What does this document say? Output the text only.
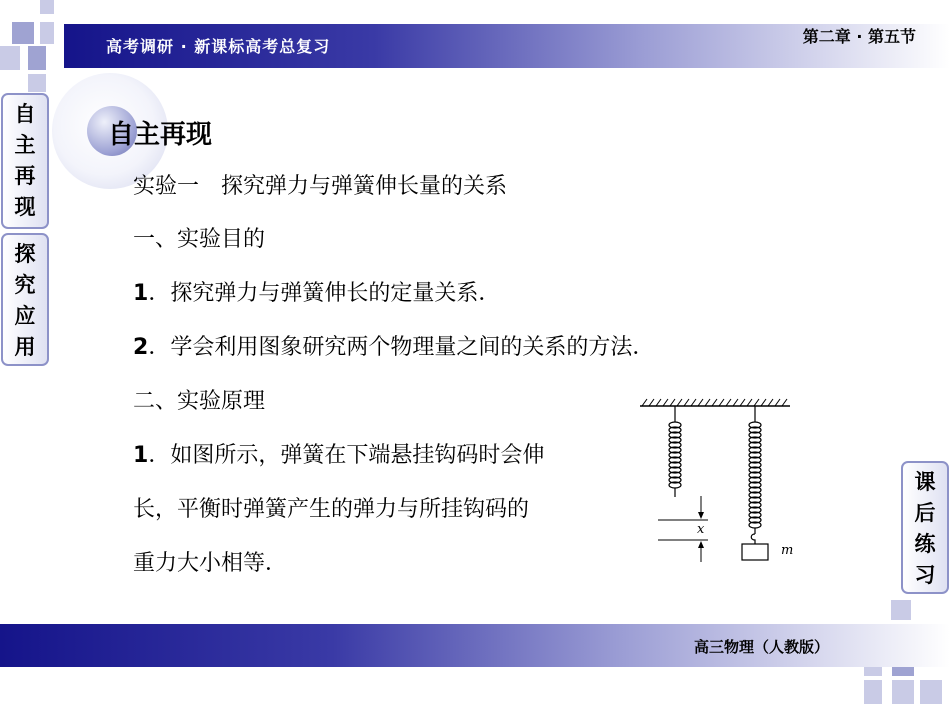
高考调研 · 新课标高考总复习
第二章 · 第五节
自
主
再
现
探
究
应
用
课
后
练
习
自主再现
实验一　探究弹力与弹簧伸长量的关系
一、实验目的
1．探究弹力与弹簧伸长的定量关系．
2．学会利用图象研究两个物理量之间的关系的方法．
二、实验原理
1．如图所示，弹簧在下端悬挂钩码时会伸
长，平衡时弹簧产生的弹力与所挂钩码的
重力大小相等．
m
x
高三物理（人教版）
